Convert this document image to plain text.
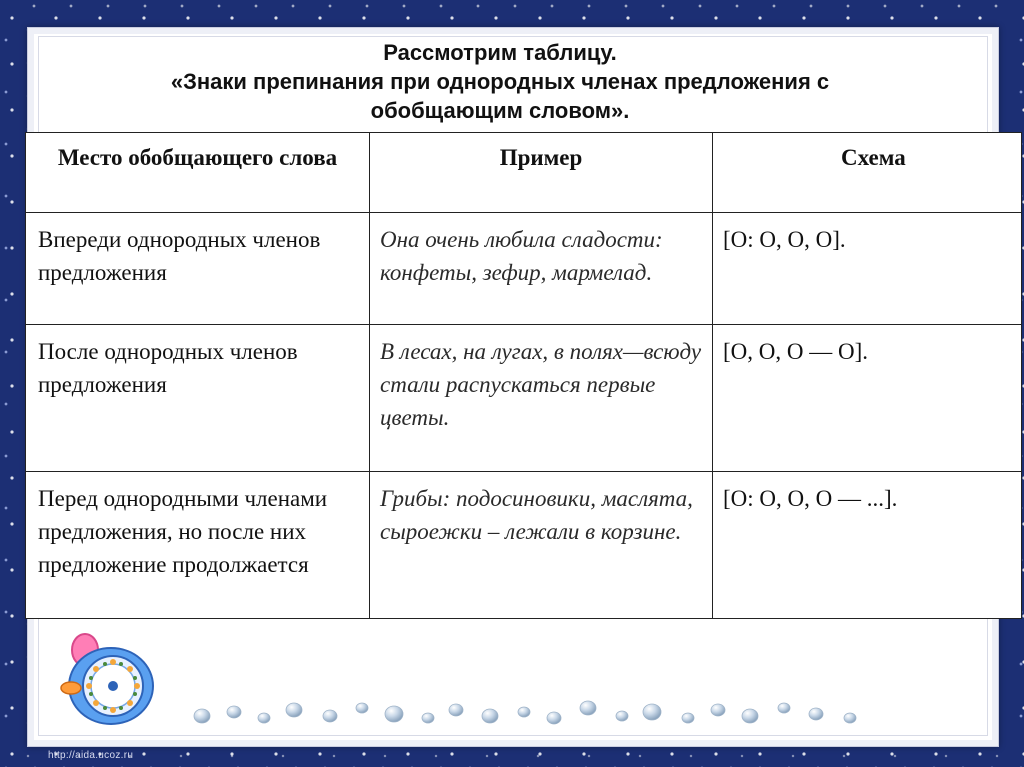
Рассмотрим таблицу.
«Знаки препинания при однородных членах предложения с
обобщающим словом».
Место обобщающего слова	Пример	Схема
Впереди однородных членов предложения	Она очень любила сладости: конфеты, зефир, мармелад.	[О: О, О, О].
После однородных членов предложения	В лесах, на лугах, в полях—всюду стали распускаться первые цветы.	[О, О, О — О].
Перед однородными членами предложения, но после них предложение продолжается	Грибы: подосиновики, маслята, сыроежки – лежали в корзине.	[О: О, О, О — ...].
http://aida.ucoz.ru
